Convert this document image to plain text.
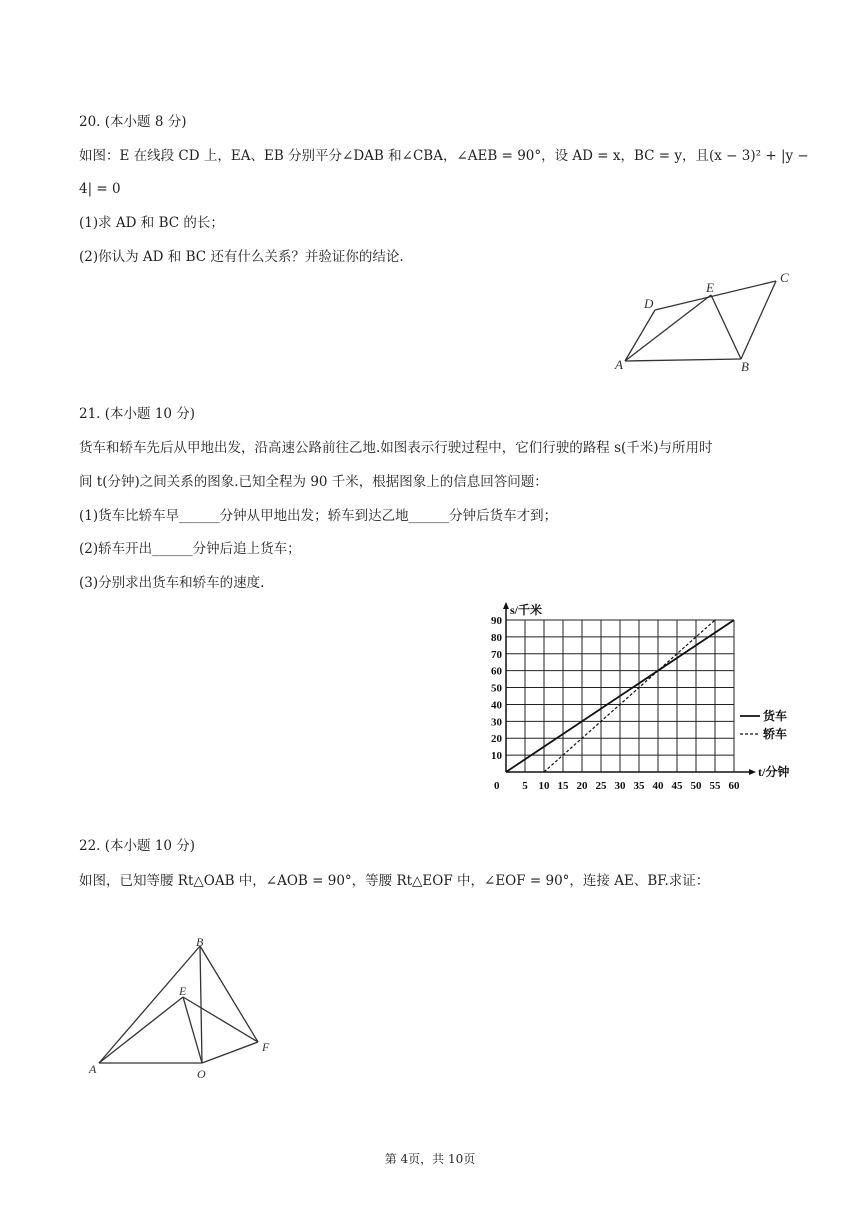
20. (本小题 8 分)
如图：E 在线段 CD 上，EA、EB 分别平分∠DAB 和∠CBA，∠AEB = 90°，设 AD = x，BC = y，且(x − 3)² + |y −
4| = 0
(1)求 AD 和 BC 的长；
(2)你认为 AD 和 BC 还有什么关系？并验证你的结论.
A	B
C
D
E
21. (本小题 10 分)
货车和轿车先后从甲地出发，沿高速公路前往乙地.如图表示行驶过程中，它们行驶的路程 s(千米)与所用时
间 t(分钟)之间关系的图象.已知全程为 90 千米，根据图象上的信息回答问题：
(1)货车比轿车早______分钟从甲地出发；轿车到达乙地______分钟后货车才到；
(2)轿车开出______分钟后追上货车；
(3)分别求出货车和轿车的速度.
s/千米
t/分钟
0 5 10 15 20 25 30 35 40 45 50 55 60
10
20
30
40
50
60
70
80
90
货车
轿车
22. (本小题 10 分)
如图，已知等腰 Rt△OAB 中，∠AOB = 90°，等腰 Rt△EOF 中，∠EOF = 90°，连接 AE、BF.求证：
A
B
E
F
O
第 4页，共 10页
